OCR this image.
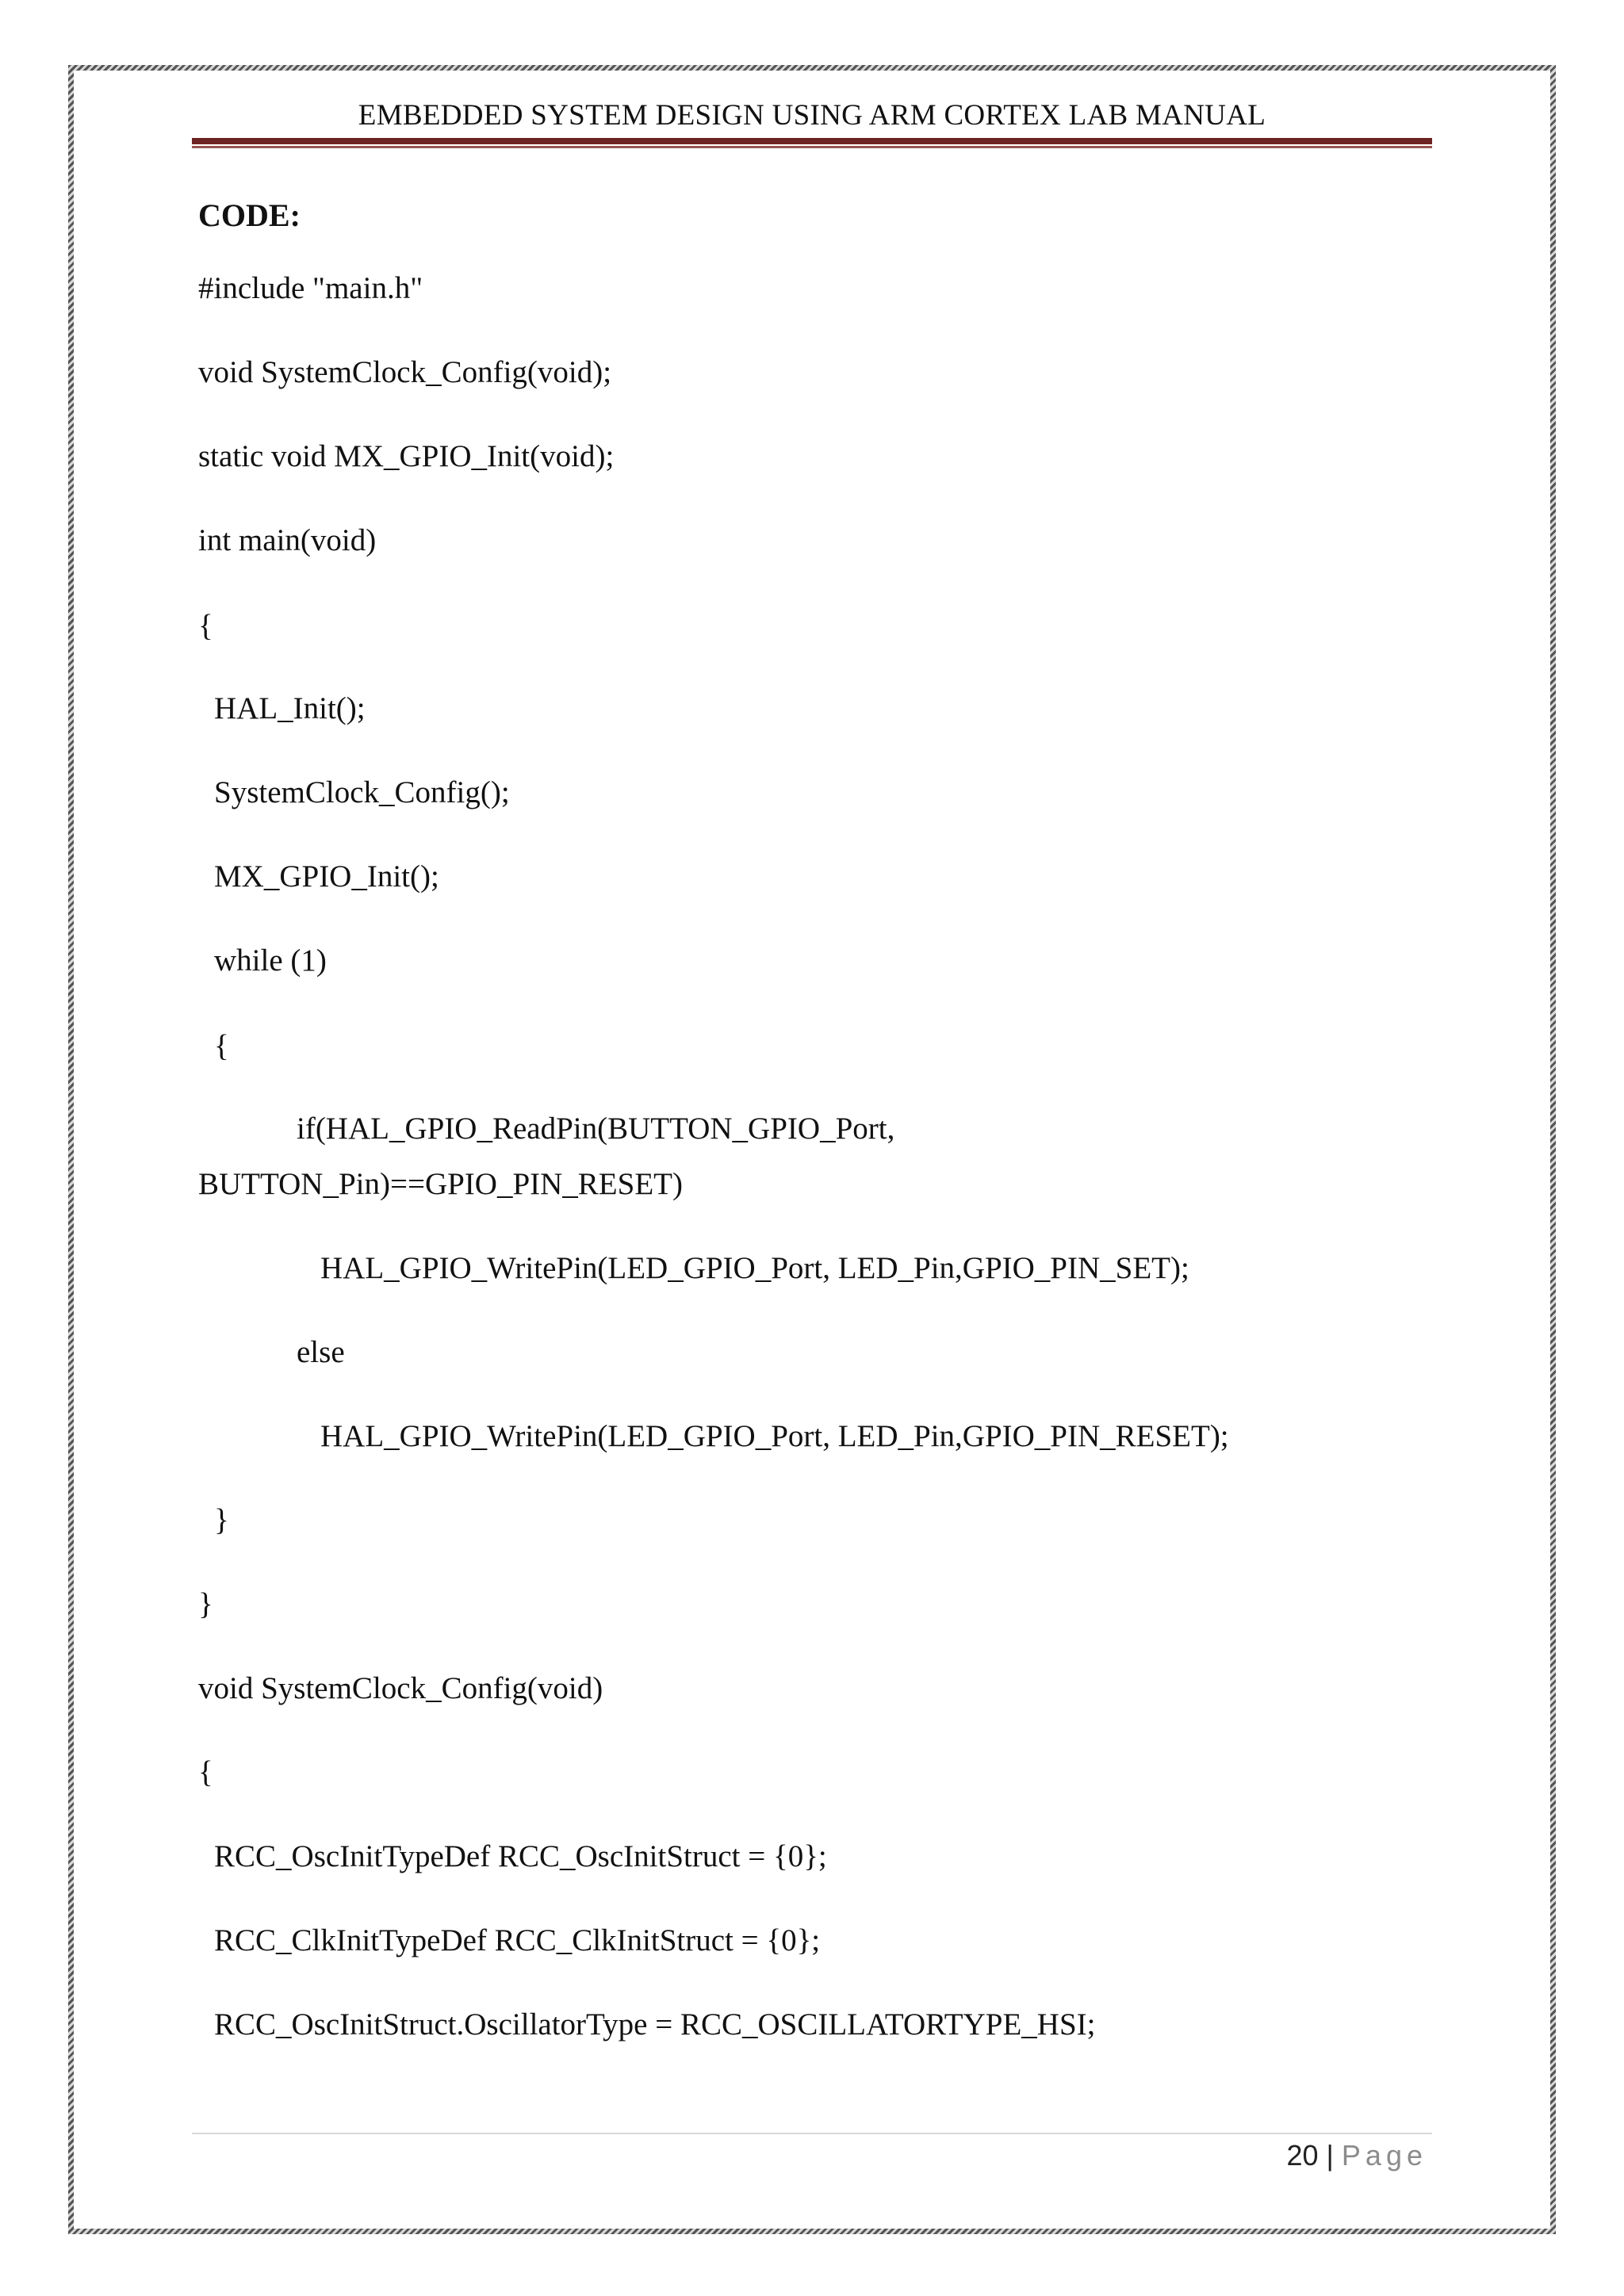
EMBEDDED SYSTEM DESIGN USING ARM CORTEX LAB MANUAL
CODE:
#include "main.h"
void SystemClock_Config(void);
static void MX_GPIO_Init(void);
int main(void)
{
HAL_Init();
SystemClock_Config();
MX_GPIO_Init();
while (1)
{
if(HAL_GPIO_ReadPin(BUTTON_GPIO_Port,
BUTTON_Pin)==GPIO_PIN_RESET)
HAL_GPIO_WritePin(LED_GPIO_Port, LED_Pin,GPIO_PIN_SET);
else
HAL_GPIO_WritePin(LED_GPIO_Port, LED_Pin,GPIO_PIN_RESET);
}
}
void SystemClock_Config(void)
{
RCC_OscInitTypeDef RCC_OscInitStruct = {0};
RCC_ClkInitTypeDef RCC_ClkInitStruct = {0};
RCC_OscInitStruct.OscillatorType = RCC_OSCILLATORTYPE_HSI;
20 | Page
